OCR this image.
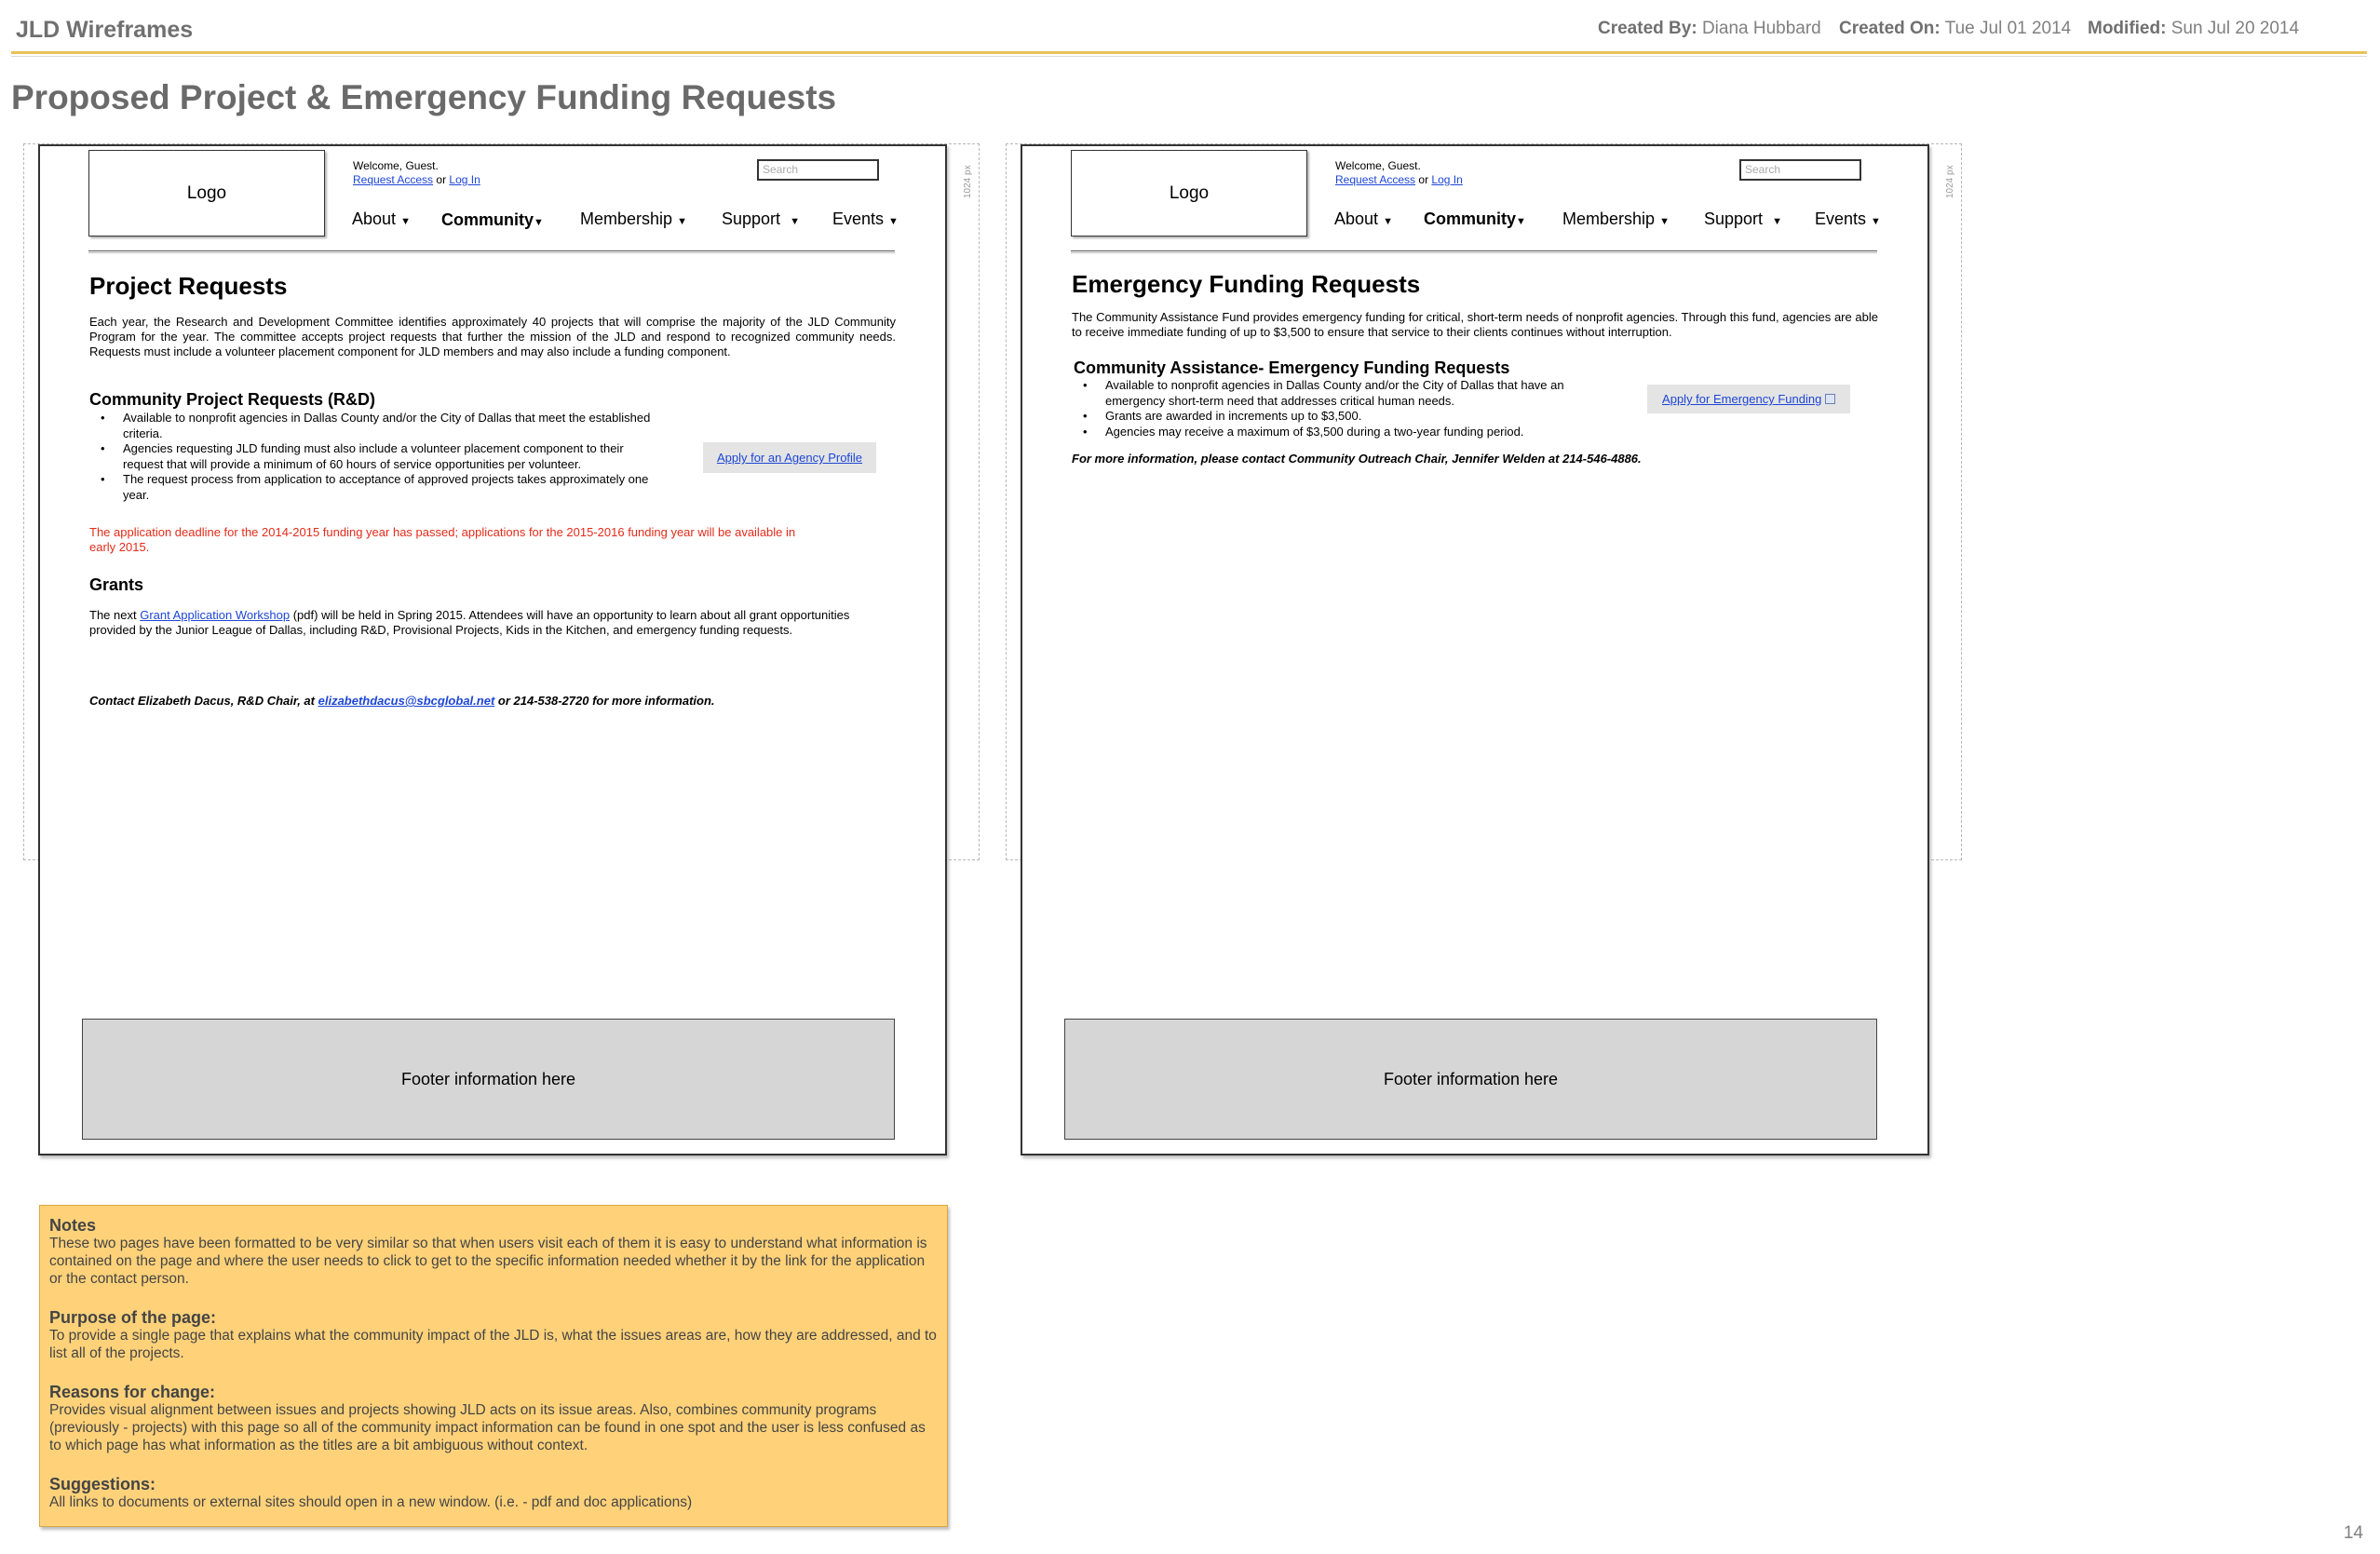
JLD Wireframes	Created By: Diana Hubbard Created On: Tue Jul 01 2014 Modified: Sun Jul 20 2014
Proposed Project & Emergency Funding Requests
1024 px
Logo
Welcome, Guest.
Request Access or Log In
Search
About ▼ Community▼ Membership ▼ Support ▼ Events ▼
Project Requests
Each year, the Research and Development Committee identifies approximately 40 projects that will comprise the majority of the JLD Community Program for the year. The committee accepts project requests that further the mission of the JLD and respond to recognized community needs. Requests must include a volunteer placement component for JLD members and may also include a funding component.
Community Project Requests (R&D)
• Available to nonprofit agencies in Dallas County and/or the City of Dallas that meet the established criteria.
• Agencies requesting JLD funding must also include a volunteer placement component to their request that will provide a minimum of 60 hours of service opportunities per volunteer.
• The request process from application to acceptance of approved projects takes approximately one year.
Apply for an Agency Profile
The application deadline for the 2014-2015 funding year has passed; applications for the 2015-2016 funding year will be available in early 2015.
Grants
The next Grant Application Workshop (pdf) will be held in Spring 2015. Attendees will have an opportunity to learn about all grant opportunities provided by the Junior League of Dallas, including R&D, Provisional Projects, Kids in the Kitchen, and emergency funding requests.
Contact Elizabeth Dacus, R&D Chair, at elizabethdacus@sbcglobal.net or 214-538-2720 for more information.
Footer information here
1024 px
Logo
Welcome, Guest.
Request Access or Log In
Search
About ▼ Community▼ Membership ▼ Support ▼ Events ▼
Emergency Funding Requests
The Community Assistance Fund provides emergency funding for critical, short-term needs of nonprofit agencies. Through this fund, agencies are able to receive immediate funding of up to $3,500 to ensure that service to their clients continues without interruption.
Community Assistance- Emergency Funding Requests
• Available to nonprofit agencies in Dallas County and/or the City of Dallas that have an emergency short-term need that addresses critical human needs.
• Grants are awarded in increments up to $3,500.
• Agencies may receive a maximum of $3,500 during a two-year funding period.
Apply for Emergency Funding

For more information, please contact Community Outreach Chair, Jennifer Welden at 214-546-4886.
Footer information here
Notes
These two pages have been formatted to be very similar so that when users visit each of them it is easy to understand what information is contained on the page and where the user needs to click to get to the specific information needed whether it by the link for the application or the contact person.
Purpose of the page:
To provide a single page that explains what the community impact of the JLD is, what the issues areas are, how they are addressed, and to list all of the projects.
Reasons for change:
Provides visual alignment between issues and projects showing JLD acts on its issue areas. Also, combines community programs (previously - projects) with this page so all of the community impact information can be found in one spot and the user is less confused as to which page has what information as the titles are a bit ambiguous without context.
Suggestions:
All links to documents or external sites should open in a new window. (i.e. - pdf and doc applications)
14
